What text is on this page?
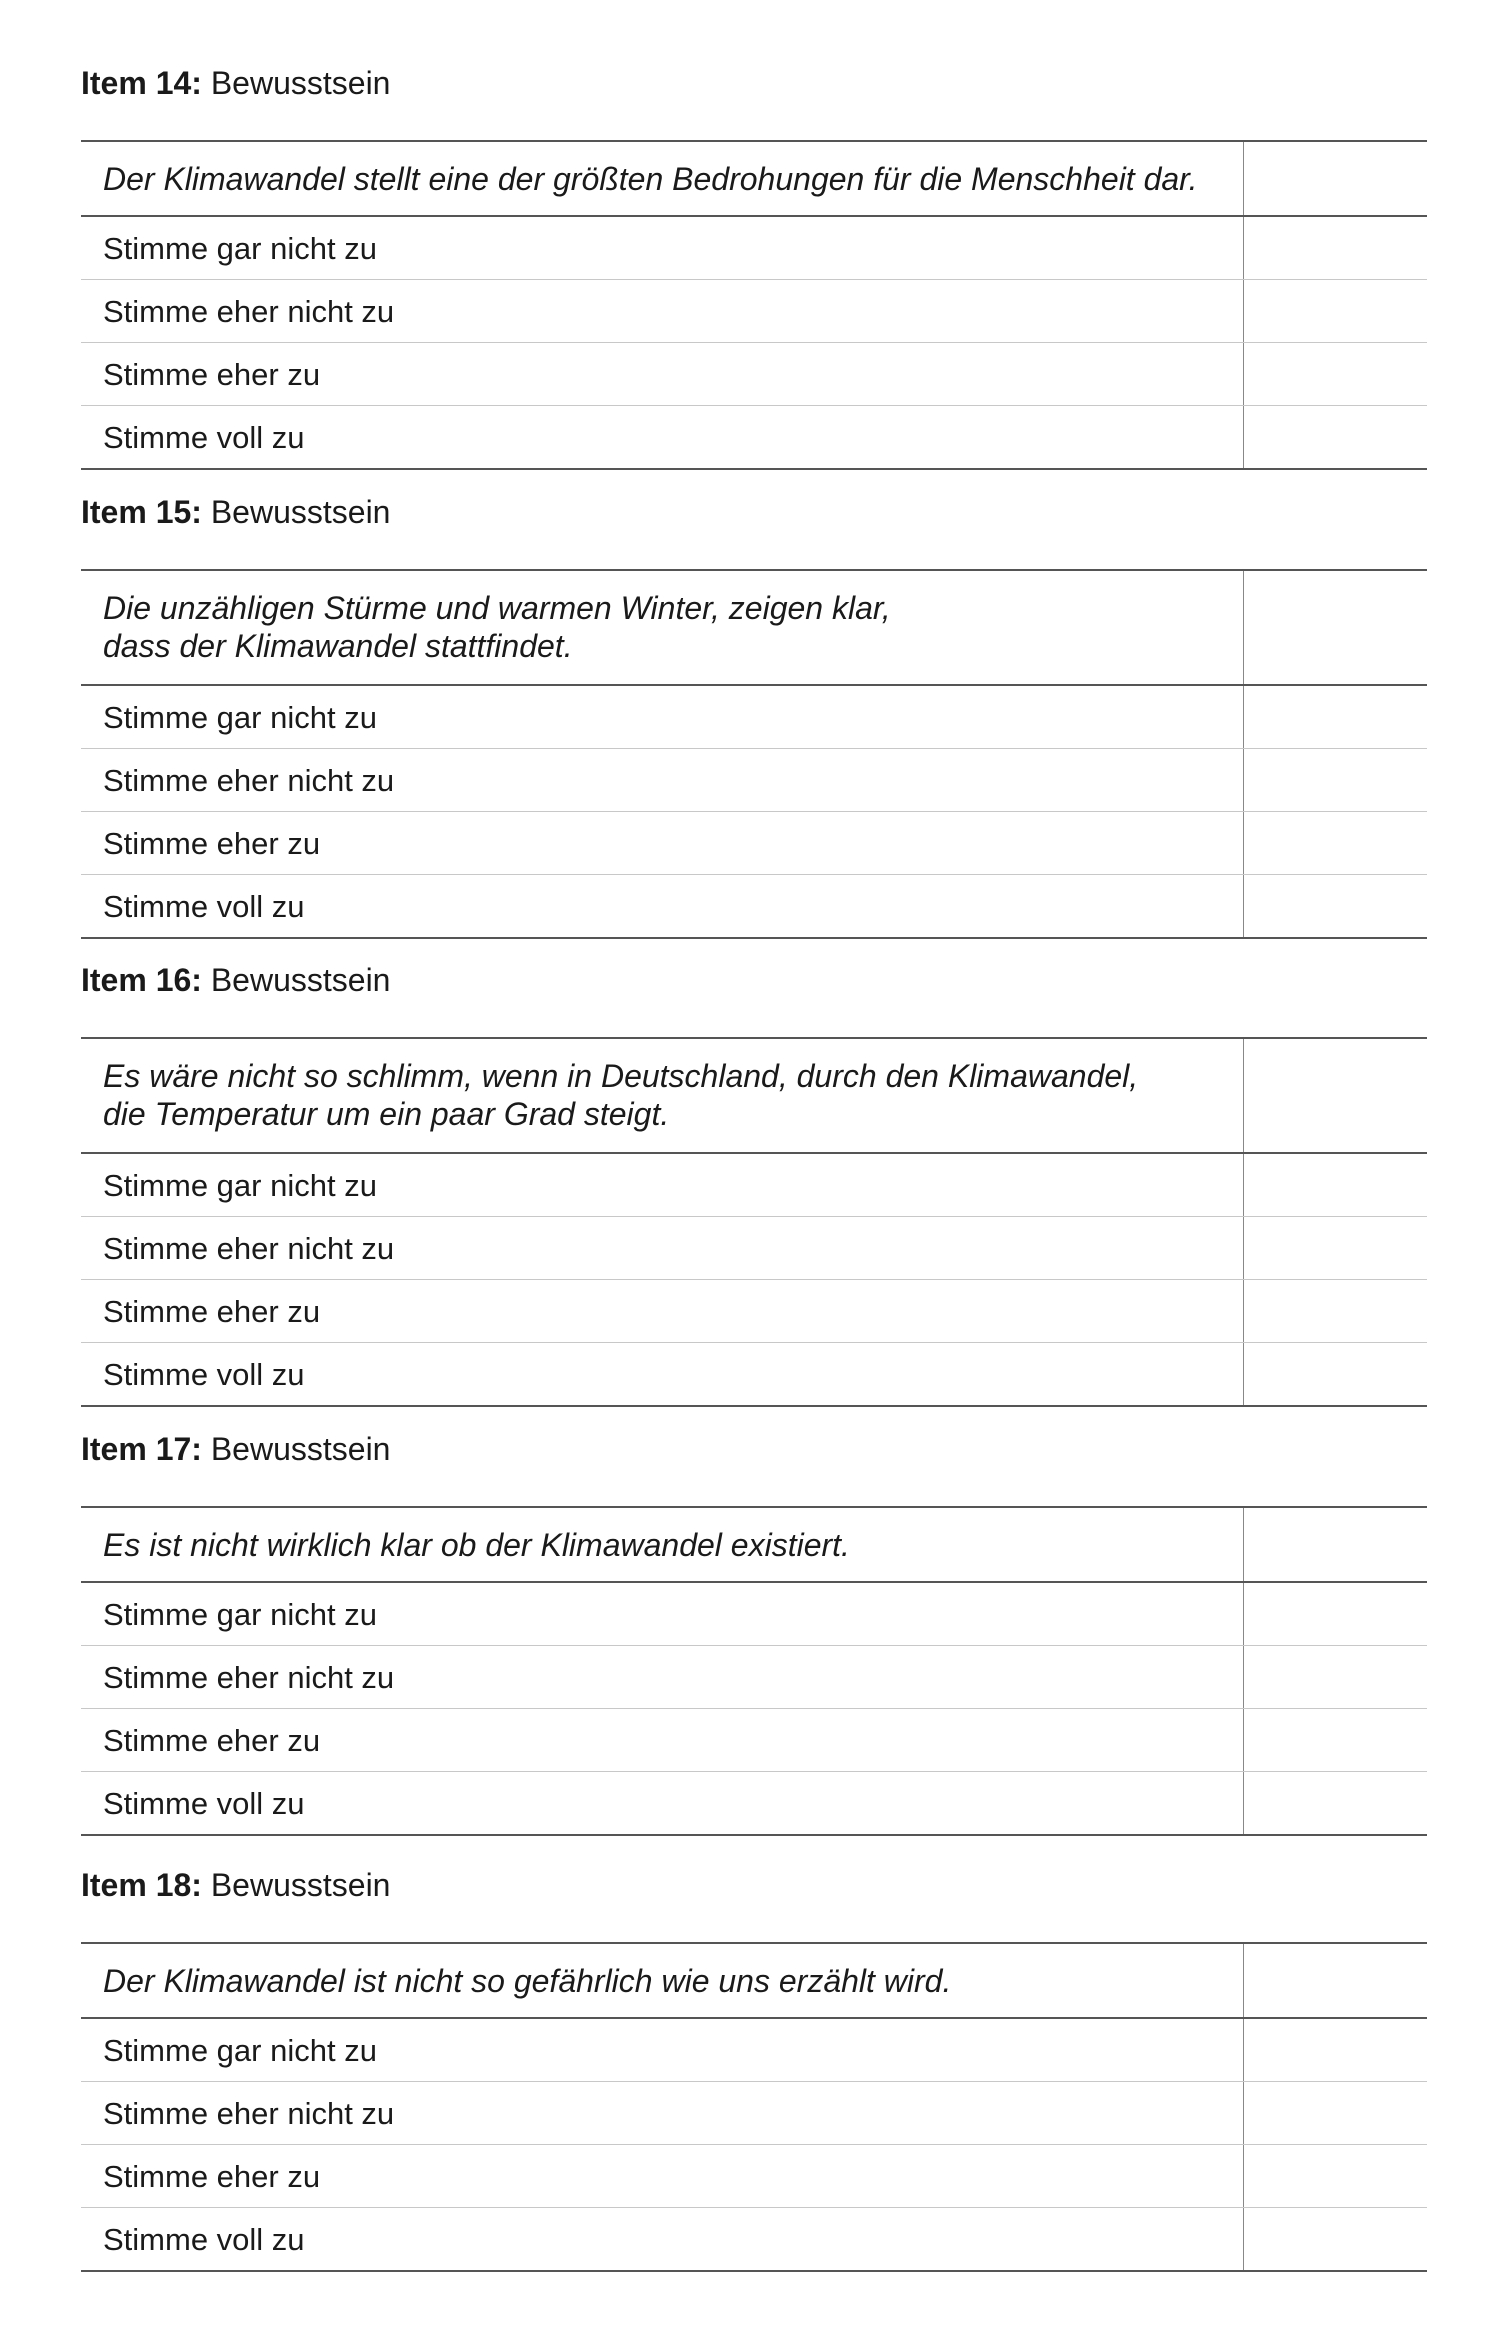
Item 14: Bewusstsein
Der Klimawandel stellt eine der größten Bedrohungen für die Menschheit dar.
Stimme gar nicht zu
Stimme eher nicht zu
Stimme eher zu
Stimme voll zu
Item 15: Bewusstsein
Die unzähligen Stürme und warmen Winter, zeigen klar,
dass der Klimawandel stattfindet.
Stimme gar nicht zu
Stimme eher nicht zu
Stimme eher zu
Stimme voll zu
Item 16: Bewusstsein
Es wäre nicht so schlimm, wenn in Deutschland, durch den Klimawandel,
die Temperatur um ein paar Grad steigt.
Stimme gar nicht zu
Stimme eher nicht zu
Stimme eher zu
Stimme voll zu
Item 17: Bewusstsein
Es ist nicht wirklich klar ob der Klimawandel existiert.
Stimme gar nicht zu
Stimme eher nicht zu
Stimme eher zu
Stimme voll zu
Item 18: Bewusstsein
Der Klimawandel ist nicht so gefährlich wie uns erzählt wird.
Stimme gar nicht zu
Stimme eher nicht zu
Stimme eher zu
Stimme voll zu
